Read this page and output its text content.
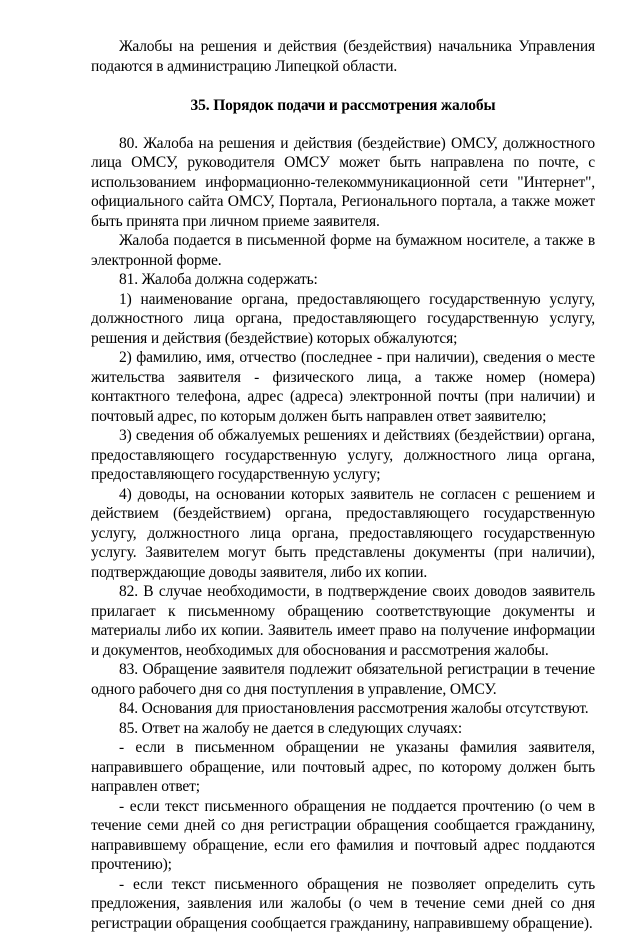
Жалобы на решения и действия (бездействия) начальника Управления подаются в администрацию Липецкой области.

35. Порядок подачи и рассмотрения жалобы

80. Жалоба на решения и действия (бездействие) ОМСУ, должностного лица ОМСУ, руководителя ОМСУ может быть направлена по почте, с использованием информационно-телекоммуникационной сети "Интернет", официального сайта ОМСУ, Портала, Регионального портала, а также может быть принята при личном приеме заявителя.

Жалоба подается в письменной форме на бумажном носителе, а также в электронной форме.

81. Жалоба должна содержать:

1) наименование органа, предоставляющего государственную услугу, должностного лица органа, предоставляющего государственную услугу, решения и действия (бездействие) которых обжалуются;

2) фамилию, имя, отчество (последнее - при наличии), сведения о месте жительства заявителя - физического лица, а также номер (номера) контактного телефона, адрес (адреса) электронной почты (при наличии) и почтовый адрес, по которым должен быть направлен ответ заявителю;

3) сведения об обжалуемых решениях и действиях (бездействии) органа, предоставляющего государственную услугу, должностного лица органа, предоставляющего государственную услугу;

4) доводы, на основании которых заявитель не согласен с решением и действием (бездействием) органа, предоставляющего государственную услугу, должностного лица органа, предоставляющего государственную услугу. Заявителем могут быть представлены документы (при наличии), подтверждающие доводы заявителя, либо их копии.

82. В случае необходимости, в подтверждение своих доводов заявитель прилагает к письменному обращению соответствующие документы и материалы либо их копии. Заявитель имеет право на получение информации и документов, необходимых для обоснования и рассмотрения жалобы.

83. Обращение заявителя подлежит обязательной регистрации в течение одного рабочего дня со дня поступления в управление, ОМСУ.

84. Основания для приостановления рассмотрения жалобы отсутствуют.

85. Ответ на жалобу не дается в следующих случаях:

- если в письменном обращении не указаны фамилия заявителя, направившего обращение, или почтовый адрес, по которому должен быть направлен ответ;

- если текст письменного обращения не поддается прочтению (о чем в течение семи дней со дня регистрации обращения сообщается гражданину, направившему обращение, если его фамилия и почтовый адрес поддаются прочтению);

- если текст письменного обращения не позволяет определить суть предложения, заявления или жалобы (о чем в течение семи дней со дня регистрации обращения сообщается гражданину, направившему обращение).
